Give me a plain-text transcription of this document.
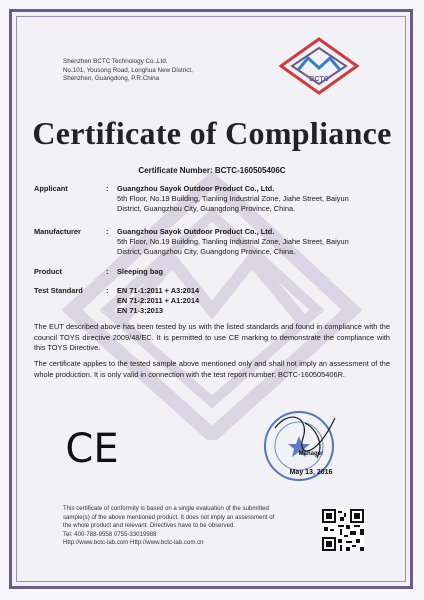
Shenzhen BCTC Technology Co.,Ltd.
No.101, Yousong Road, Longhua New District,
Shenzhen, Guangdong, P.R.China	BCTC
Certificate of Compliance
Certificate Number: BCTC-160505406C
Applicant	: Guangzhou Sayok Outdoor Product Co., Ltd.
5th Floor, No.19 Building, Tianling Industrial Zone, Jiahe Street, Baiyun
District, Guangzhou City, Guangdong Province, China.
Manufacturer	: Guangzhou Sayok Outdoor Product Co., Ltd.
5th Floor, No.19 Building, Tianling Industrial Zone, Jiahe Street, Baiyun
District, Guangzhou City, Guangdong Province, China.
Product	: Sleeping bag
Test Standard	: EN 71-1:2011 + A3:2014
EN 71-2:2011 + A1:2014
EN 71-3:2013
The EUT described above has been tested by us with the listed standards and found in compliance with the council TOYS directive 2009/48/EC. It is permitted to use CE marking to demonstrate the compliance with this TOYS Directive.
The certificate applies to the tested sample above mentioned only and shall not imply an assessment of the whole production. It is only valid in connection with the test report number: BCTC-160505406R.
CE	Manager
May 13, 2016
This certificate of conformity is based on a single evaluation of the submitted
sample(s) of the above mentioned product. It does not imply an assessment of
the whole product and relevant. Directives have to be observed.
Tel: 400-788-9558 0755-33019988
Http://www.bctc-lab.com Http://www.bctc-lab.com.cn
